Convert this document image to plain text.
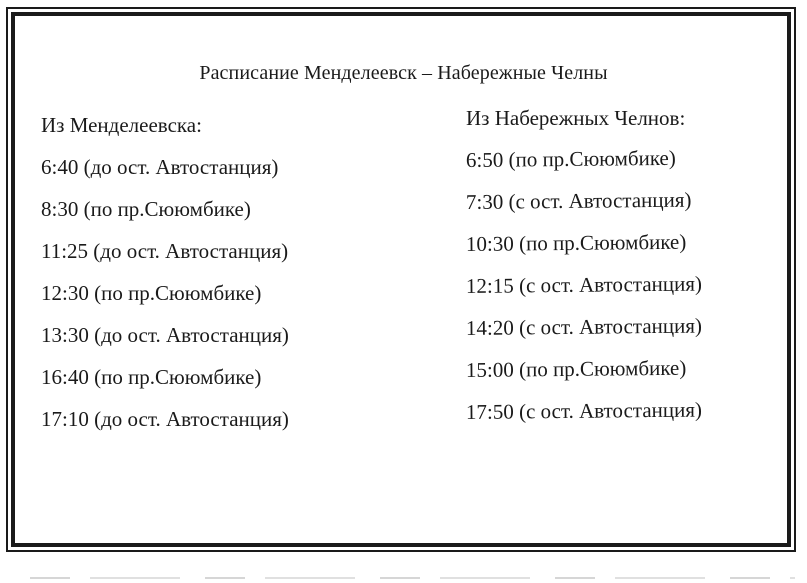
Расписание Менделеевск – Набережные Челны
Из Менделеевска:
6:40 (до ост. Автостанция)
8:30 (по пр.Сююмбике)
11:25 (до ост. Автостанция)
12:30 (по пр.Сююмбике)
13:30 (до ост. Автостанция)
16:40 (по пр.Сююмбике)
17:10 (до ост. Автостанция)
Из Набережных Челнов:
6:50 (по пр.Сююмбике)
7:30 (с ост. Автостанция)
10:30 (по пр.Сююмбике)
12:15 (с ост. Автостанция)
14:20 (с ост. Автостанция)
15:00 (по пр.Сююмбике)
17:50 (с ост. Автостанция)
